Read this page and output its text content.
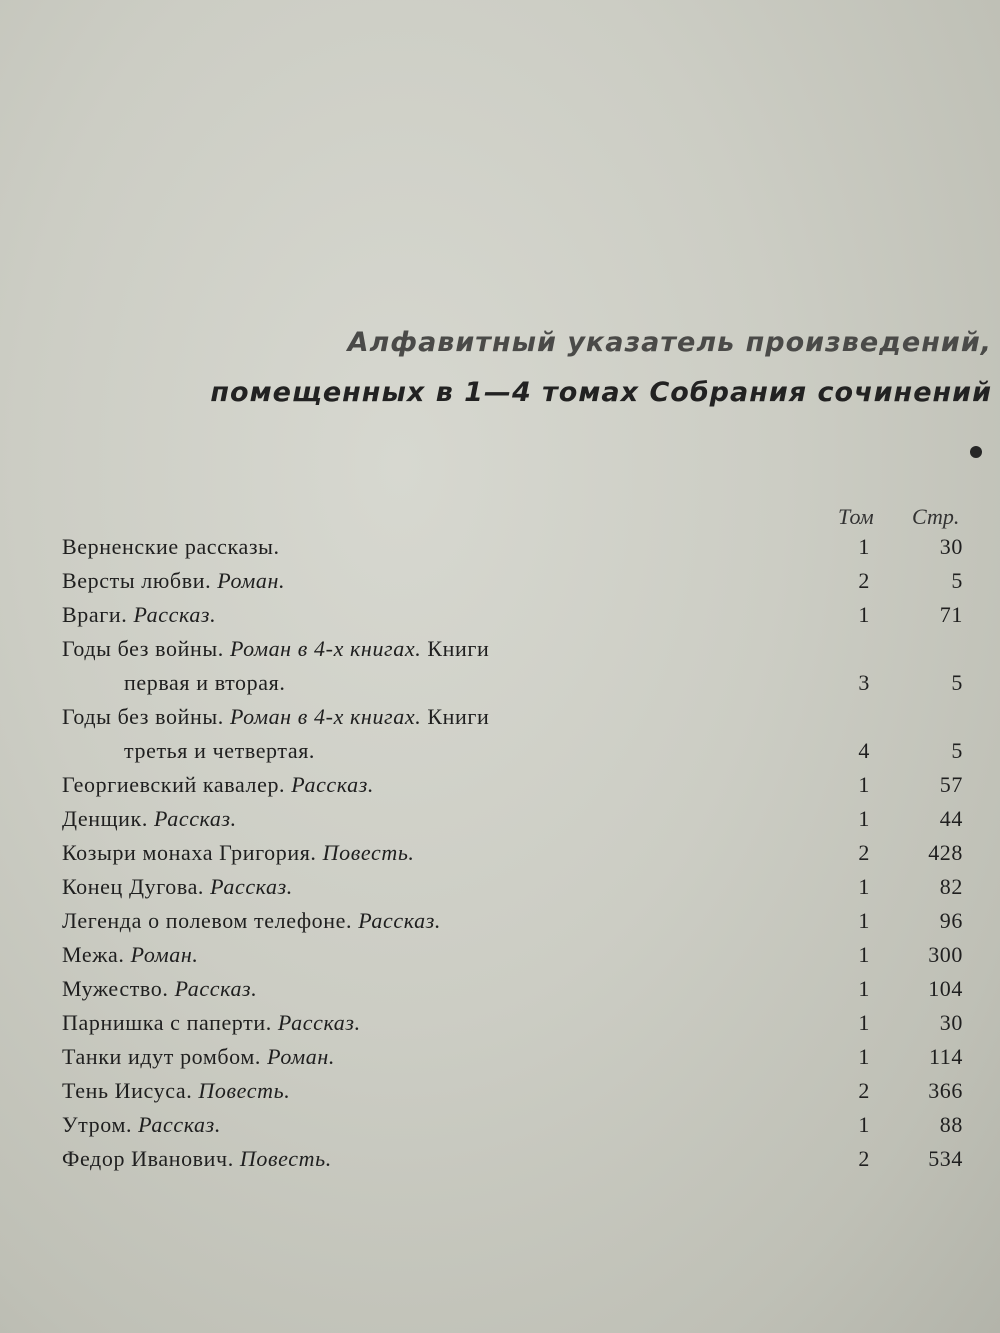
Алфавитный указатель произведений,
помещенных в 1—4 томах Собрания сочинений
Том Стр.
Верненские рассказы.	1	30
Версты любви. Роман.	2	5
Враги. Рассказ.	1	71
Годы без войны. Роман в 4-х книгах. Книги
первая и вторая.	3	5
Годы без войны. Роман в 4-х книгах. Книги
третья и четвертая.	4	5
Георгиевский кавалер. Рассказ.	1	57
Денщик. Рассказ.	1	44
Козыри монаха Григория. Повесть.	2	428
Конец Дугова. Рассказ.	1	82
Легенда о полевом телефоне. Рассказ.	1	96
Межа. Роман.	1	300
Мужество. Рассказ.	1	104
Парнишка с паперти. Рассказ.	1	30
Танки идут ромбом. Роман.	1	114
Тень Иисуса. Повесть.	2	366
Утром. Рассказ.	1	88
Федор Иванович. Повесть.	2	534
